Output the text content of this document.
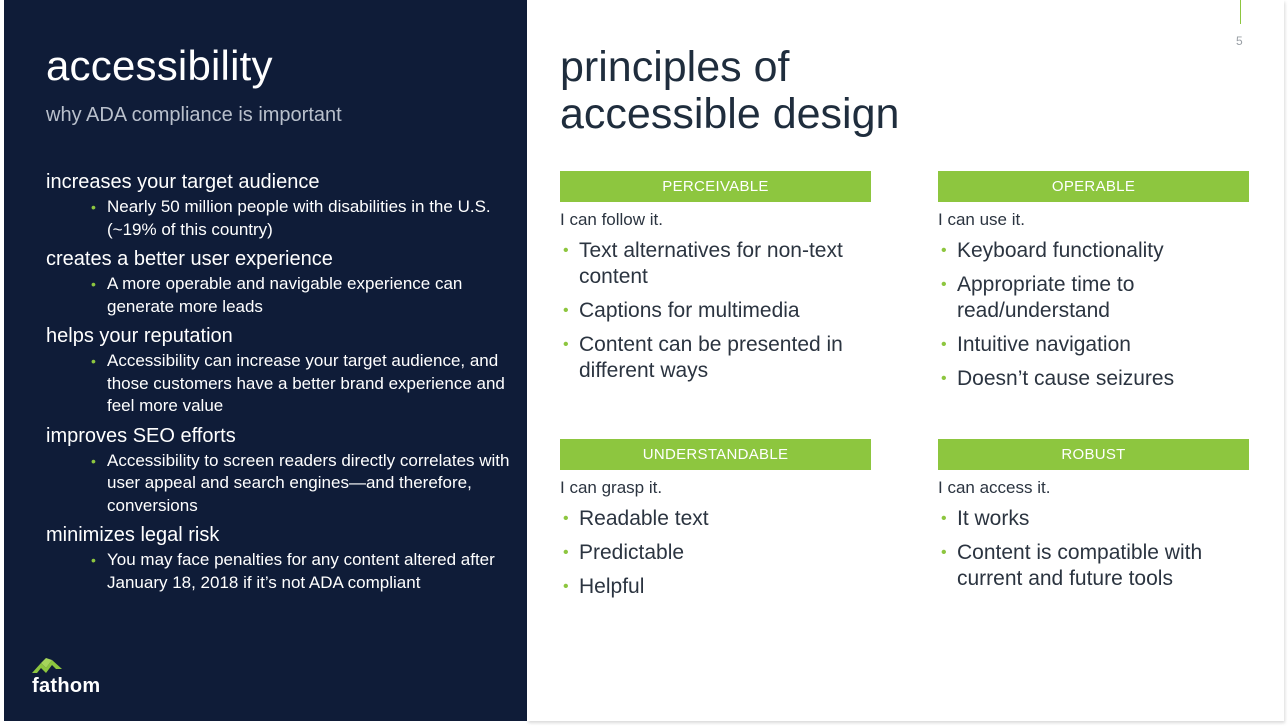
accessibility

why ADA compliance is important

increases your target audience

• Nearly 50 million people with disabilities in the U.S. (~19% of this country)

creates a better user experience

• A more operable and navigable experience can generate more leads

helps your reputation

• Accessibility can increase your target audience, and those customers have a better brand experience and feel more value

improves SEO efforts

• Accessibility to screen readers directly correlates with user appeal and search engines—and therefore, conversions

minimizes legal risk

• You may face penalties for any content altered after January 18, 2018 if it’s not ADA compliant
fathom
5
principles of
accessible design
PERCEIVABLE
I can follow it.
• Text alternatives for non-text content
• Captions for multimedia
• Content can be presented in different ways
OPERABLE
I can use it.
• Keyboard functionality
• Appropriate time to read/understand
• Intuitive navigation
• Doesn’t cause seizures
UNDERSTANDABLE
I can grasp it.
• Readable text
• Predictable
• Helpful
ROBUST
I can access it.
• It works
• Content is compatible with current and future tools
